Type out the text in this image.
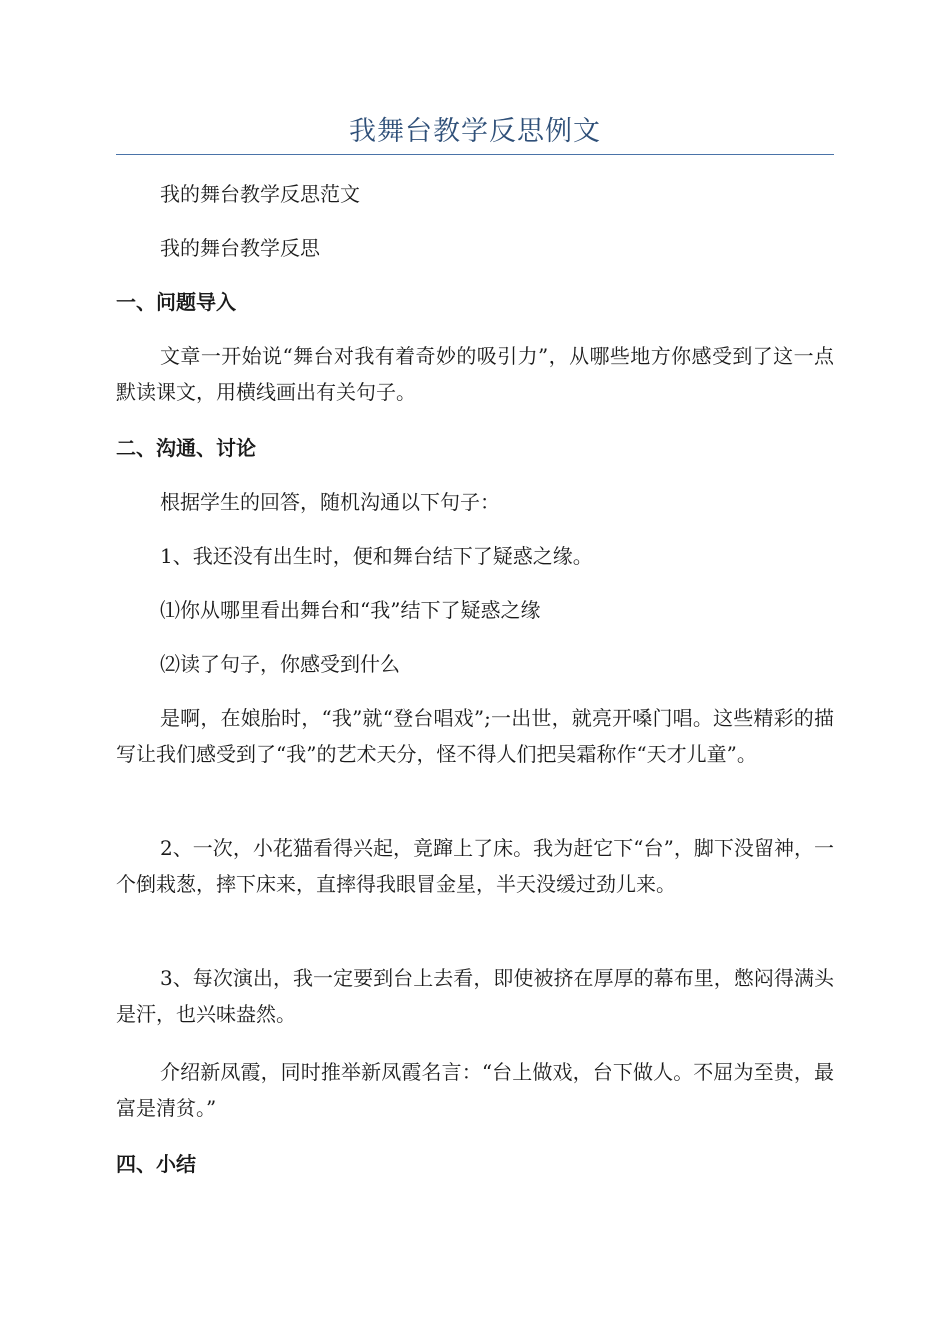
我舞台教学反思例文

我的舞台教学反思范文

我的舞台教学反思

一、问题导入

文章一开始说“舞台对我有着奇妙的吸引力”，从哪些地方你感受到了这一点默读课文，用横线画出有关句子。

二、沟通、讨论

根据学生的回答，随机沟通以下句子：

1、我还没有出生时，便和舞台结下了疑惑之缘。

⑴你从哪里看出舞台和“我”结下了疑惑之缘

⑵读了句子，你感受到什么

是啊，在娘胎时，“我”就“登台唱戏”;一出世，就亮开嗓门唱。这些精彩的描写让我们感受到了“我”的艺术天分，怪不得人们把吴霜称作“天才儿童”。

2、一次，小花猫看得兴起，竟蹿上了床。我为赶它下“台”，脚下没留神，一个倒栽葱，摔下床来，直摔得我眼冒金星，半天没缓过劲儿来。

3、每次演出，我一定要到台上去看，即使被挤在厚厚的幕布里，憋闷得满头是汗，也兴味盎然。

介绍新凤霞，同时推举新凤霞名言：“台上做戏，台下做人。不屈为至贵，最富是清贫。”

四、小结
